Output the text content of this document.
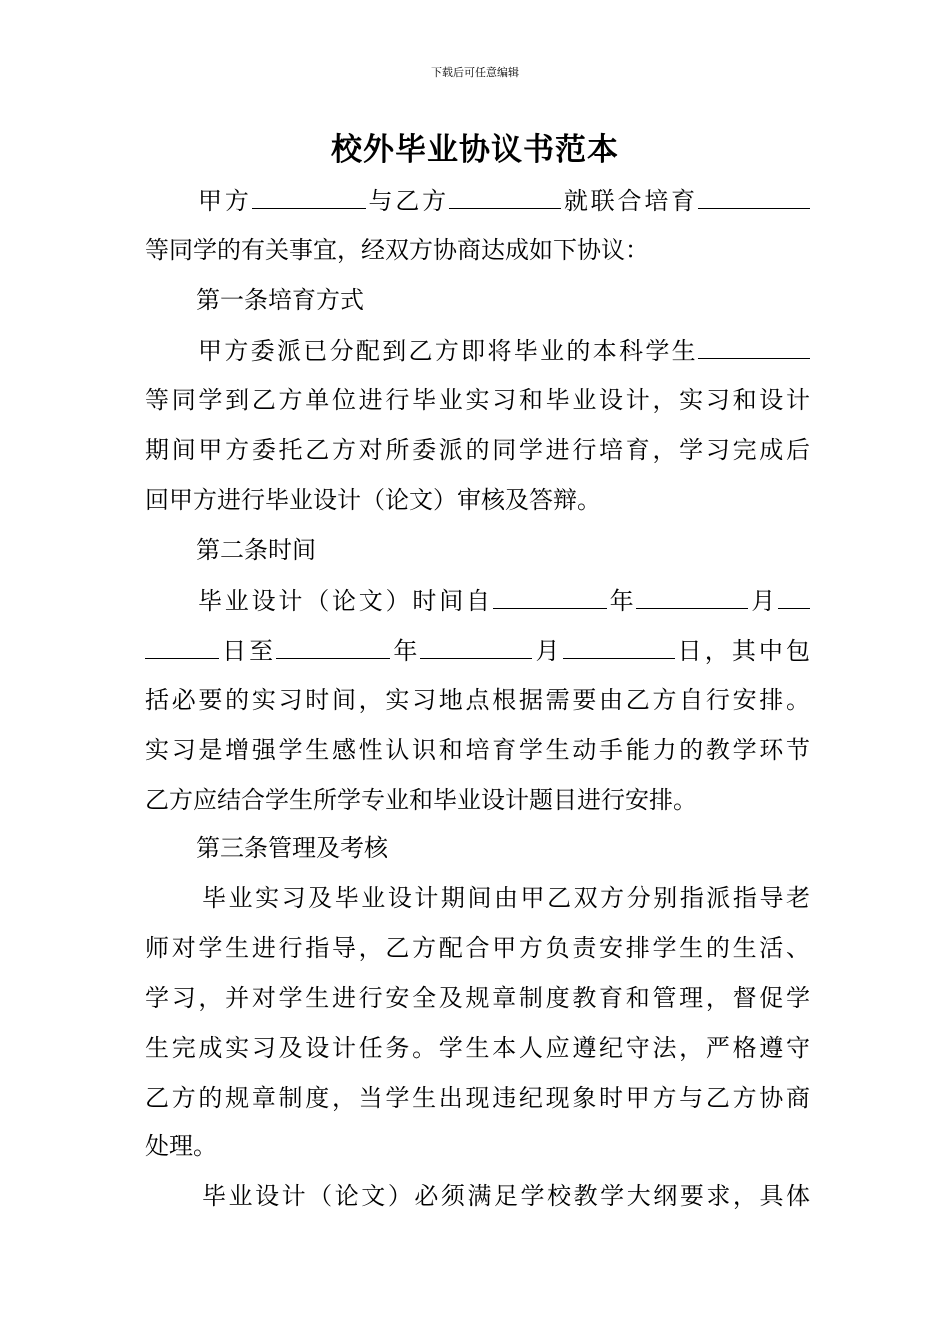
下载后可任意编辑
校外毕业协议书范本
甲方	与乙方	就联合培育
等同学的有关事宜，经双方协商达成如下协议：
第一条培育方式
甲方委派已分配到乙方即将毕业的本科学生
等同学到乙方单位进行毕业实习和毕业设计，实习和设计
期间甲方委托乙方对所委派的同学进行培育，学习完成后
回甲方进行毕业设计（论文）审核及答辩。
第二条时间
毕业设计（论文）时间自	年	月
日至	年	月	日，其中包
括必要的实习时间，实习地点根据需要由乙方自行安排。
实习是增强学生感性认识和培育学生动手能力的教学环节
乙方应结合学生所学专业和毕业设计题目进行安排。
第三条管理及考核
毕业实习及毕业设计期间由甲乙双方分别指派指导老
师对学生进行指导，乙方配合甲方负责安排学生的生活、
学习，并对学生进行安全及规章制度教育和管理，督促学
生完成实习及设计任务。学生本人应遵纪守法，严格遵守
乙方的规章制度，当学生出现违纪现象时甲方与乙方协商
处理。
毕业设计（论文）必须满足学校教学大纲要求，具体
